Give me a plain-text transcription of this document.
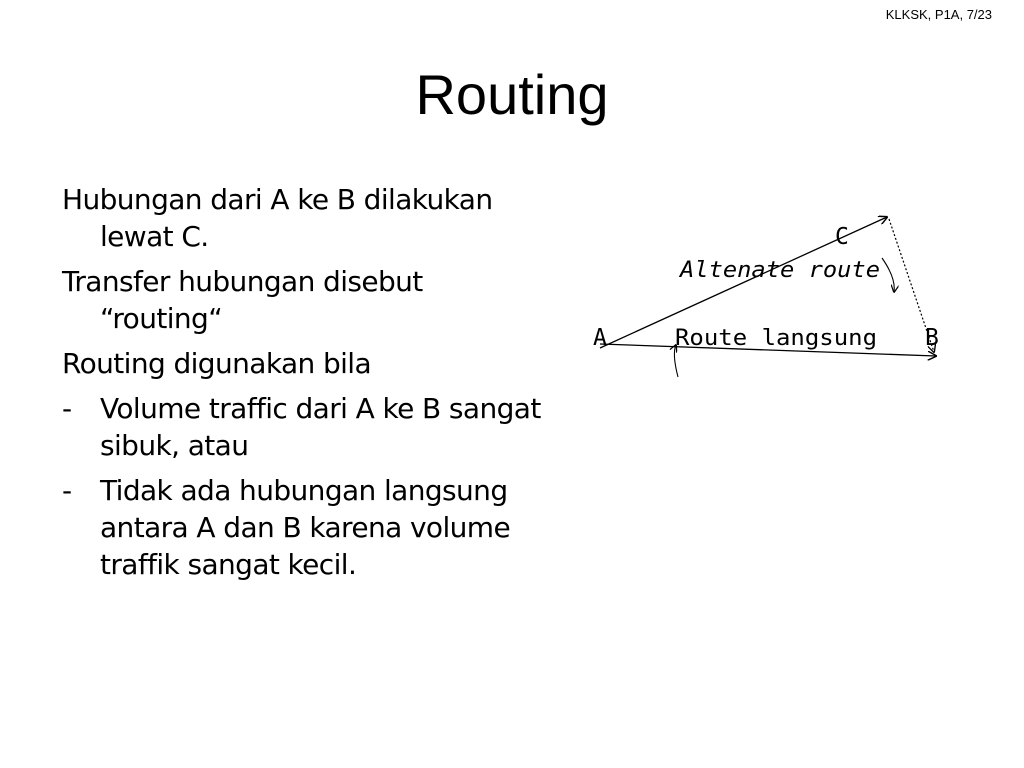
KLKSK, P1A, 7/23
Routing

Hubungan dari A ke B dilakukan lewat C.

Transfer hubungan disebut “routing“

Routing digunakan bila

- Volume traffic dari A ke B sangat sibuk, atau
- Tidak ada hubungan langsung antara A dan B karena volume traffik sangat kecil.
A	B
C
Altenate route
Route langsung
